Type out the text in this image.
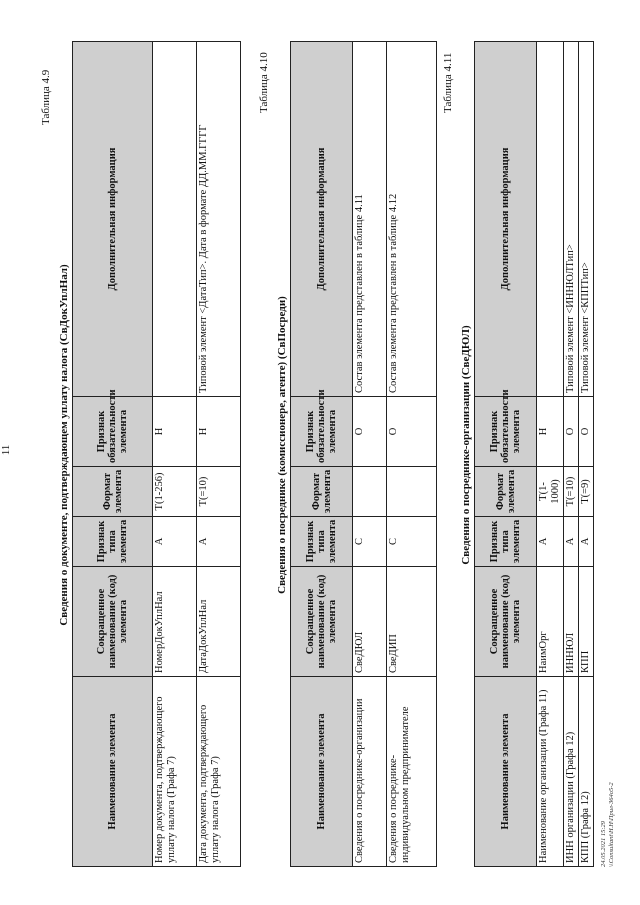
11
Таблица 4.9
Сведения о документе, подтверждающем уплату налога (СвДокУплНал)
Наименование элемента	Сокращенное наименование (код) элемента	Признак типа элемента	Формат элемента	Признак обязательности элемента	Дополнительная информация
Номер документа, подтверждающего уплату налога (Графа 7)	НомерДокУплНал	А	T(1-256)	Н	
Дата документа, подтверждающего уплату налога (Графа 7)	ДатаДокУплНал	А	T(=10)	Н	Типовой элемент <ДатаТип>. Дата в формате ДД.ММ.ГГГГ
Таблица 4.10
Сведения о посреднике (комиссионере, агенте) (СвПосреди)
Наименование элемента	Сокращенное наименование (код) элемента	Признак типа элемента	Формат элемента	Признак обязательности элемента	Дополнительная информация
Сведения о посреднике-организации	СвеДЮЛ	С		О	Состав элемента представлен в таблице 4.11
Сведения о посреднике-индивидуальном предпринимателе	СвеДИП	С		О	Состав элемента представлен в таблице 4.12
Таблица 4.11
Сведения о посреднике-организации (СвеДЮЛ)
Наименование элемента	Сокращенное наименование (код) элемента	Признак типа элемента	Формат элемента	Признак обязательности элемента	Дополнительная информация
Наименование организации (Графа 11)	НаимОрг	А	T(1-1000)	Н	
ИНН организации (Графа 12)	ИННЮЛ	А	T(=10)	О	Типовой элемент <ИННЮЛТип>
КПП (Графа 12)	КПП	А	T(=9)	О	Типовой элемент <КППТип>
24.05.2021 15:29 \\Consultant\Н.Н\Прил-364о5-2
